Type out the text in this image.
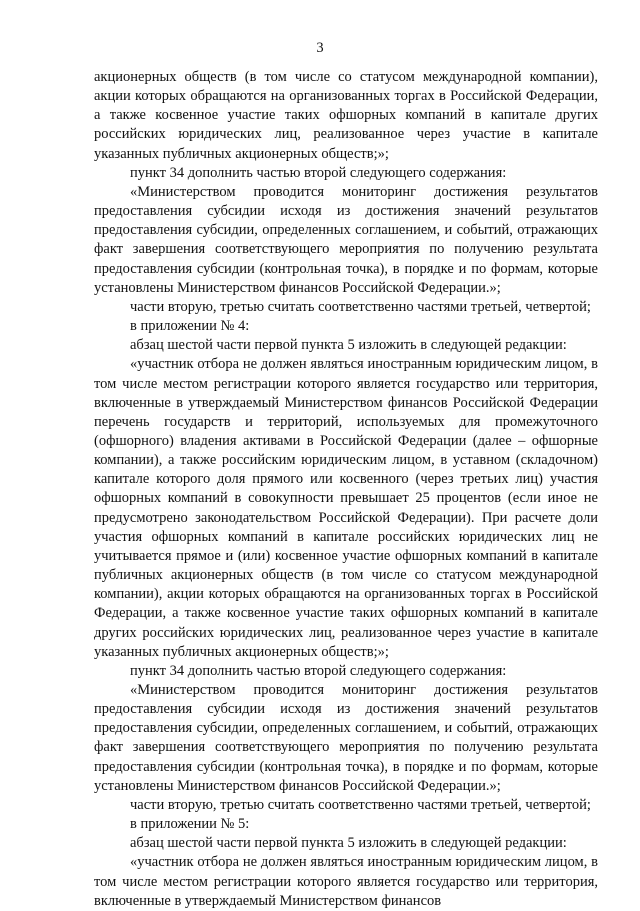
3

акционерных обществ (в том числе со статусом международной компании), акции которых обращаются на организованных торгах в Российской Федерации, а также косвенное участие таких офшорных компаний в капитале других российских юридических лиц, реализованное через участие в капитале указанных публичных акционерных обществ;»;

пункт 34 дополнить частью второй следующего содержания:

«Министерством проводится мониторинг достижения результатов предоставления субсидии исходя из достижения значений результатов предоставления субсидии, определенных соглашением, и событий, отражающих факт завершения соответствующего мероприятия по получению результата предоставления субсидии (контрольная точка), в порядке и по формам, которые установлены Министерством финансов Российской Федерации.»;

части вторую, третью считать соответственно частями третьей, четвертой;

в приложении № 4:

абзац шестой части первой пункта 5 изложить в следующей редакции:

«участник отбора не должен являться иностранным юридическим лицом, в том числе местом регистрации которого является государство или территория, включенные в утверждаемый Министерством финансов Российской Федерации перечень государств и территорий, используемых для промежуточного (офшорного) владения активами в Российской Федерации (далее – офшорные компании), а также российским юридическим лицом, в уставном (складочном) капитале которого доля прямого или косвенного (через третьих лиц) участия офшорных компаний в совокупности превышает 25 процентов (если иное не предусмотрено законодательством Российской Федерации). При расчете доли участия офшорных компаний в капитале российских юридических лиц не учитывается прямое и (или) косвенное участие офшорных компаний в капитале публичных акционерных обществ (в том числе со статусом международной компании), акции которых обращаются на организованных торгах в Российской Федерации, а также косвенное участие таких офшорных компаний в капитале других российских юридических лиц, реализованное через участие в капитале указанных публичных акционерных обществ;»;

пункт 34 дополнить частью второй следующего содержания:

«Министерством проводится мониторинг достижения результатов предоставления субсидии исходя из достижения значений результатов предоставления субсидии, определенных соглашением, и событий, отражающих факт завершения соответствующего мероприятия по получению результата предоставления субсидии (контрольная точка), в порядке и по формам, которые установлены Министерством финансов Российской Федерации.»;

части вторую, третью считать соответственно частями третьей, четвертой;

в приложении № 5:

абзац шестой части первой пункта 5 изложить в следующей редакции:

«участник отбора не должен являться иностранным юридическим лицом, в том числе местом регистрации которого является государство или территория, включенные в утверждаемый Министерством финансов
